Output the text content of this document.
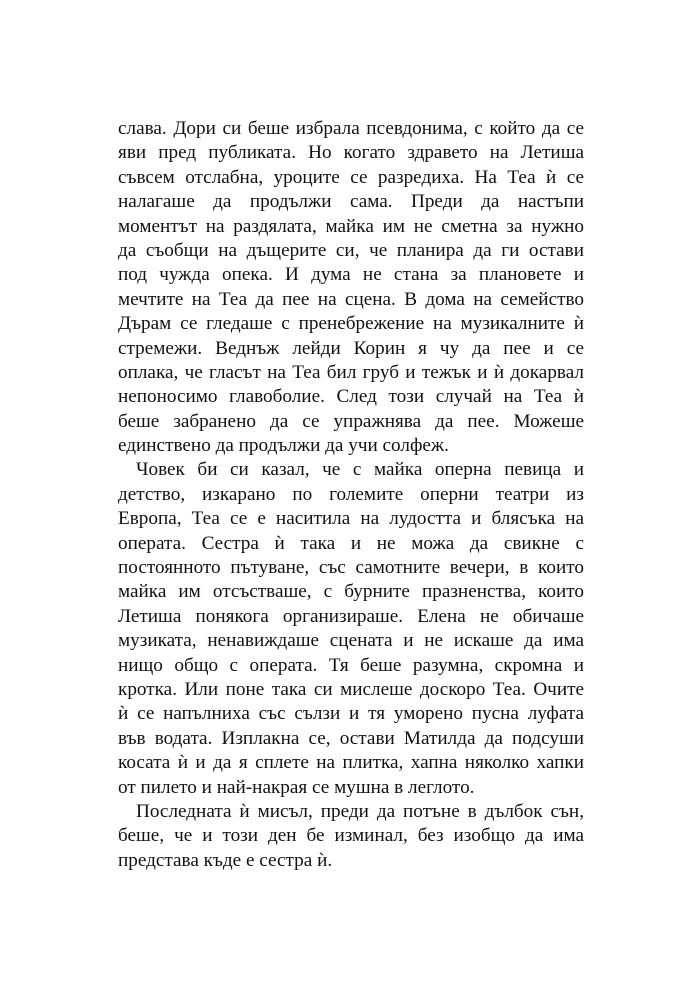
слава. Дори си беше избрала псевдонима, с който да се
яви пред публиката. Но когато здравето на Летиша
съвсем отслабна, уроците се разредиха. На Теа ѝ се
налагаше да продължи сама. Преди да настъпи
моментът на раздялата, майка им не сметна за нужно
да съобщи на дъщерите си, че планира да ги остави
под чужда опека. И дума не стана за плановете и
мечтите на Теа да пее на сцена. В дома на семейство
Дърам се гледаше с пренебрежение на музикалните ѝ
стремежи. Веднъж лейди Корин я чу да пее и се
оплака, че гласът на Теа бил груб и тежък и ѝ докарвал
непоносимо главоболие. След този случай на Теа ѝ
беше забранено да се упражнява да пее. Можеше
единствено да продължи да учи солфеж.
Човек би си казал, че с майка оперна певица и
детство, изкарано по големите оперни театри из
Европа, Теа се е наситила на лудостта и блясъка на
операта. Сестра ѝ така и не можа да свикне с
постоянното пътуване, със самотните вечери, в които
майка им отсъстваше, с бурните празненства, които
Летиша понякога организираше. Елена не обичаше
музиката, ненавиждаше сцената и не искаше да има
нищо общо с операта. Тя беше разумна, скромна и
кротка. Или поне така си мислеше доскоро Теа. Очите
ѝ се напълниха със сълзи и тя уморено пусна луфата
във водата. Изплакна се, остави Матилда да подсуши
косата ѝ и да я сплете на плитка, хапна няколко хапки
от пилето и най-накрая се мушна в леглото.
Последната ѝ мисъл, преди да потъне в дълбок сън,
беше, че и този ден бе изминал, без изобщо да има
представа къде е сестра ѝ.
